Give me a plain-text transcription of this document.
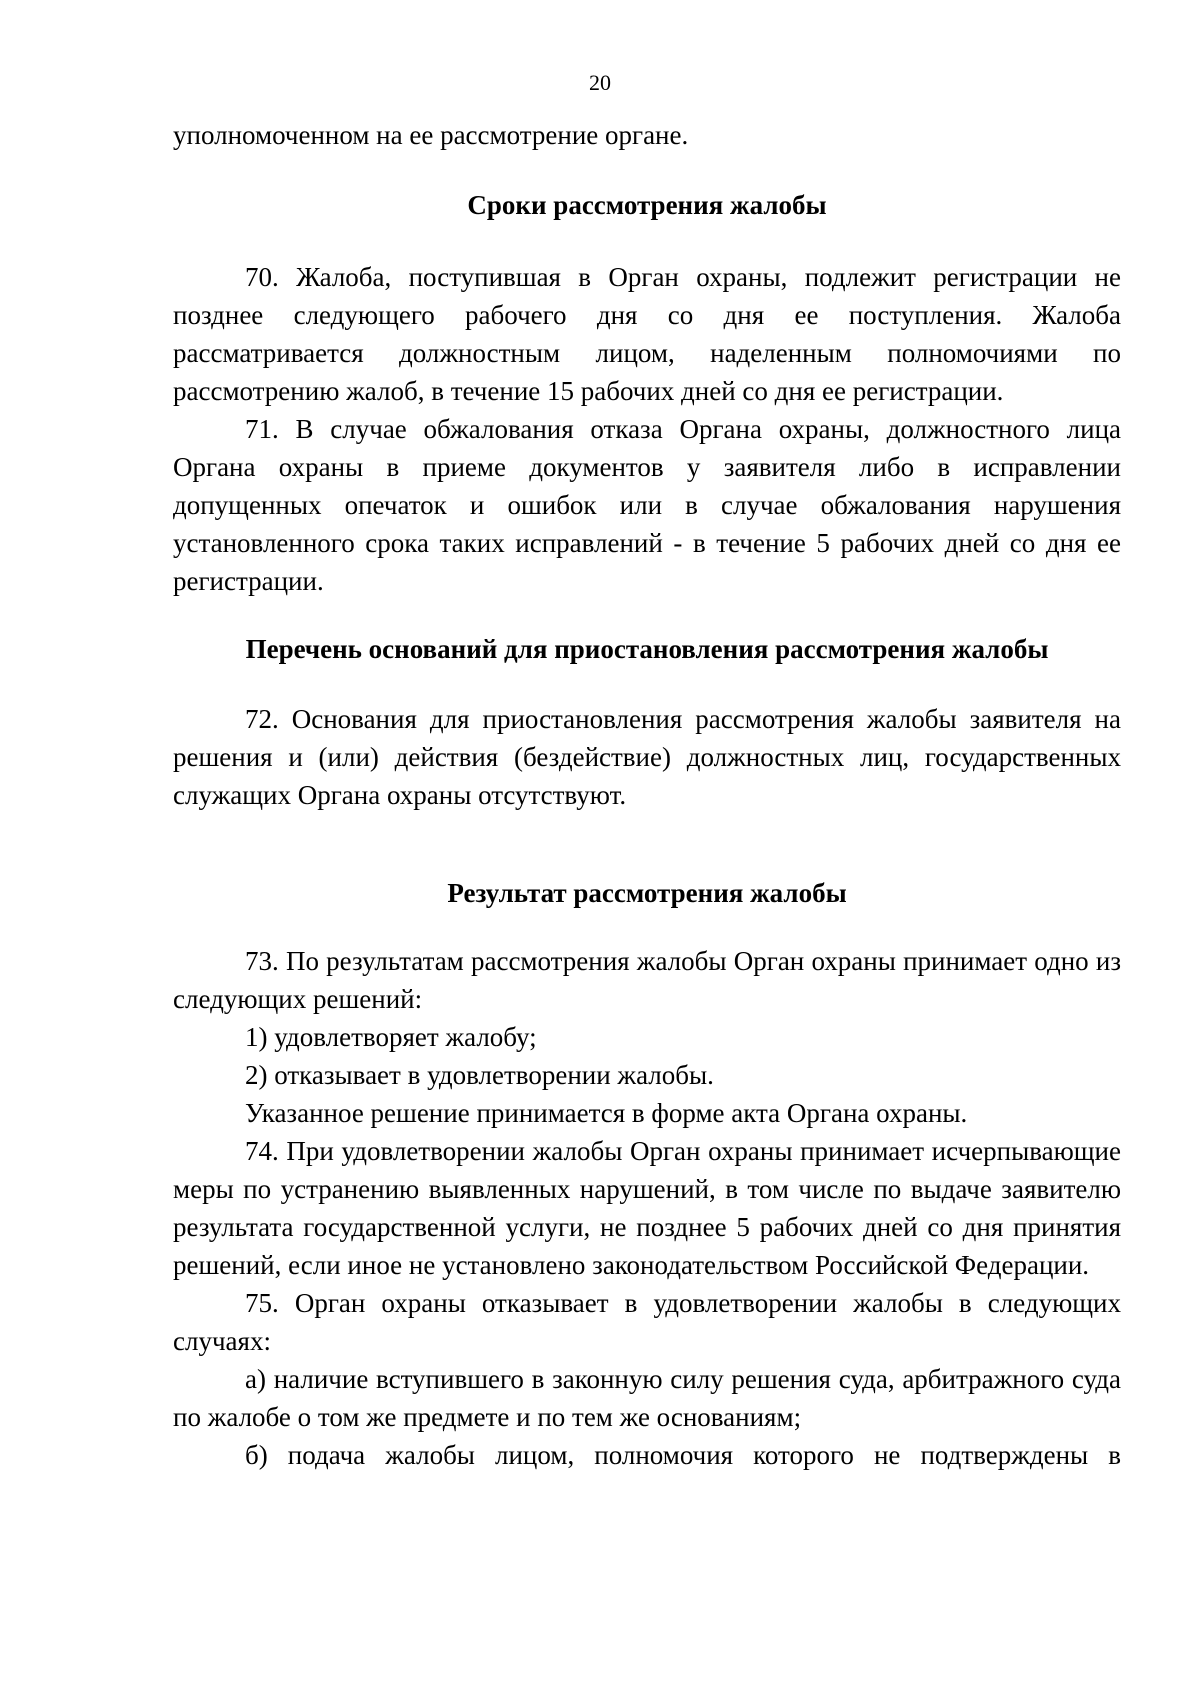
20

уполномоченном на ее рассмотрение органе.

Сроки рассмотрения жалобы

70. Жалоба, поступившая в Орган охраны, подлежит регистрации не позднее следующего рабочего дня со дня ее поступления. Жалоба рассматривается должностным лицом, наделенным полномочиями по рассмотрению жалоб, в течение 15 рабочих дней со дня ее регистрации.

71. В случае обжалования отказа Органа охраны, должностного лица Органа охраны в приеме документов у заявителя либо в исправлении допущенных опечаток и ошибок или в случае обжалования нарушения установленного срока таких исправлений - в течение 5 рабочих дней со дня ее регистрации.

Перечень оснований для приостановления рассмотрения жалобы

72. Основания для приостановления рассмотрения жалобы заявителя на решения и (или) действия (бездействие) должностных лиц, государственных служащих Органа охраны отсутствуют.

Результат рассмотрения жалобы

73. По результатам рассмотрения жалобы Орган охраны принимает одно из следующих решений:

1) удовлетворяет жалобу;

2) отказывает в удовлетворении жалобы.

Указанное решение принимается в форме акта Органа охраны.

74. При удовлетворении жалобы Орган охраны принимает исчерпывающие меры по устранению выявленных нарушений, в том числе по выдаче заявителю результата государственной услуги, не позднее 5 рабочих дней со дня принятия решений, если иное не установлено законодательством Российской Федерации.

75. Орган охраны отказывает в удовлетворении жалобы в следующих случаях:

а) наличие вступившего в законную силу решения суда, арбитражного суда по жалобе о том же предмете и по тем же основаниям;

б) подача жалобы лицом, полномочия которого не подтверждены в
